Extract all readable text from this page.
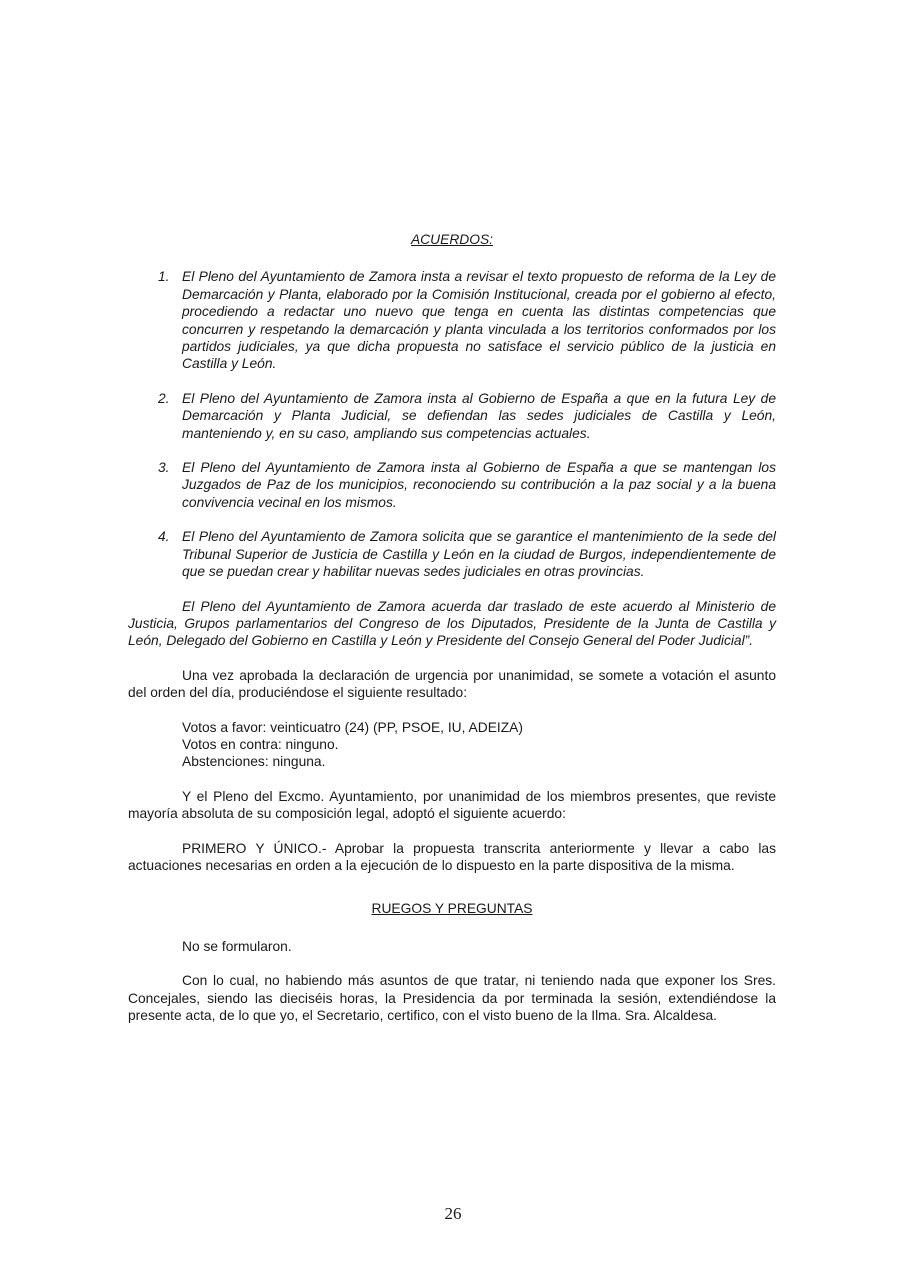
ACUERDOS:
1. El Pleno del Ayuntamiento de Zamora insta a revisar el texto propuesto de reforma de la Ley de Demarcación y Planta, elaborado por la Comisión Institucional, creada por el gobierno al efecto, procediendo a redactar uno nuevo que tenga en cuenta las distintas competencias que concurren y respetando la demarcación y planta vinculada a los territorios conformados por los partidos judiciales, ya que dicha propuesta no satisface el servicio público de la justicia en Castilla y León.
2. El Pleno del Ayuntamiento de Zamora insta al Gobierno de España a que en la futura Ley de Demarcación y Planta Judicial, se defiendan las sedes judiciales de Castilla y León, manteniendo y, en su caso, ampliando sus competencias actuales.
3. El Pleno del Ayuntamiento de Zamora insta al Gobierno de España a que se mantengan los Juzgados de Paz de los municipios, reconociendo su contribución a la paz social y a la buena convivencia vecinal en los mismos.
4. El Pleno del Ayuntamiento de Zamora solicita que se garantice el mantenimiento de la sede del Tribunal Superior de Justicia de Castilla y León en la ciudad de Burgos, independientemente de que se puedan crear y habilitar nuevas sedes judiciales en otras provincias.

El Pleno del Ayuntamiento de Zamora acuerda dar traslado de este acuerdo al Ministerio de Justicia, Grupos parlamentarios del Congreso de los Diputados, Presidente de la Junta de Castilla y León, Delegado del Gobierno en Castilla y León y Presidente del Consejo General del Poder Judicial”.

Una vez aprobada la declaración de urgencia por unanimidad, se somete a votación el asunto del orden del día, produciéndose el siguiente resultado:

Votos a favor: veinticuatro (24) (PP, PSOE, IU, ADEIZA)
Votos en contra: ninguno.
Abstenciones: ninguna.

Y el Pleno del Excmo. Ayuntamiento, por unanimidad de los miembros presentes, que reviste mayoría absoluta de su composición legal, adoptó el siguiente acuerdo:

PRIMERO Y ÚNICO.- Aprobar la propuesta transcrita anteriormente y llevar a cabo las actuaciones necesarias en orden a la ejecución de lo dispuesto en la parte dispositiva de la misma.

RUEGOS Y PREGUNTAS

No se formularon.

Con lo cual, no habiendo más asuntos de que tratar, ni teniendo nada que exponer los Sres. Concejales, siendo las dieciséis horas, la Presidencia da por terminada la sesión, extendiéndose la presente acta, de lo que yo, el Secretario, certifico, con el visto bueno de la Ilma. Sra. Alcaldesa.

26
